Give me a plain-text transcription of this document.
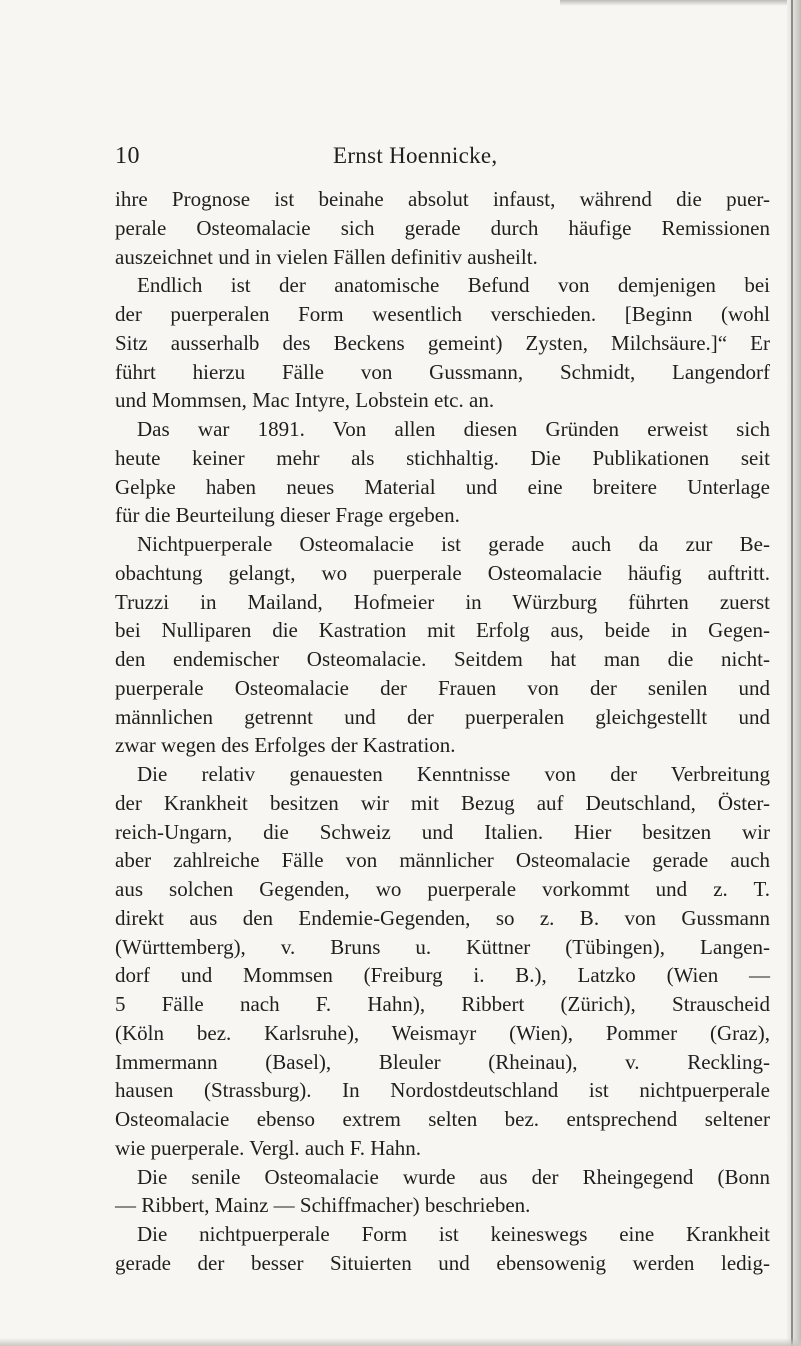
10	Ernst Hoennicke,
ihre Prognose ist beinahe absolut infaust, während die puer-
perale Osteomalacie sich gerade durch häufige Remissionen
auszeichnet und in vielen Fällen definitiv ausheilt.
Endlich ist der anatomische Befund von demjenigen bei
der puerperalen Form wesentlich verschieden. [Beginn (wohl
Sitz ausserhalb des Beckens gemeint) Zysten, Milchsäure.]“ Er
führt hierzu Fälle von Gussmann, Schmidt, Langendorf
und Mommsen, Mac Intyre, Lobstein etc. an.
Das war 1891. Von allen diesen Gründen erweist sich
heute keiner mehr als stichhaltig. Die Publikationen seit
Gelpke haben neues Material und eine breitere Unterlage
für die Beurteilung dieser Frage ergeben.
Nichtpuerperale Osteomalacie ist gerade auch da zur Be-
obachtung gelangt, wo puerperale Osteomalacie häufig auftritt.
Truzzi in Mailand, Hofmeier in Würzburg führten zuerst
bei Nulliparen die Kastration mit Erfolg aus, beide in Gegen-
den endemischer Osteomalacie. Seitdem hat man die nicht-
puerperale Osteomalacie der Frauen von der senilen und
männlichen getrennt und der puerperalen gleichgestellt und
zwar wegen des Erfolges der Kastration.
Die relativ genauesten Kenntnisse von der Verbreitung
der Krankheit besitzen wir mit Bezug auf Deutschland, Öster-
reich-Ungarn, die Schweiz und Italien. Hier besitzen wir
aber zahlreiche Fälle von männlicher Osteomalacie gerade auch
aus solchen Gegenden, wo puerperale vorkommt und z. T.
direkt aus den Endemie-Gegenden, so z. B. von Gussmann
(Württemberg), v. Bruns u. Küttner (Tübingen), Langen-
dorf und Mommsen (Freiburg i. B.), Latzko (Wien —
5 Fälle nach F. Hahn), Ribbert (Zürich), Strauscheid
(Köln bez. Karlsruhe), Weismayr (Wien), Pommer (Graz),
Immermann (Basel), Bleuler (Rheinau), v. Reckling-
hausen (Strassburg). In Nordostdeutschland ist nichtpuerperale
Osteomalacie ebenso extrem selten bez. entsprechend seltener
wie puerperale. Vergl. auch F. Hahn.
Die senile Osteomalacie wurde aus der Rheingegend (Bonn
— Ribbert, Mainz — Schiffmacher) beschrieben.
Die nichtpuerperale Form ist keineswegs eine Krankheit
gerade der besser Situierten und ebensowenig werden ledig-
